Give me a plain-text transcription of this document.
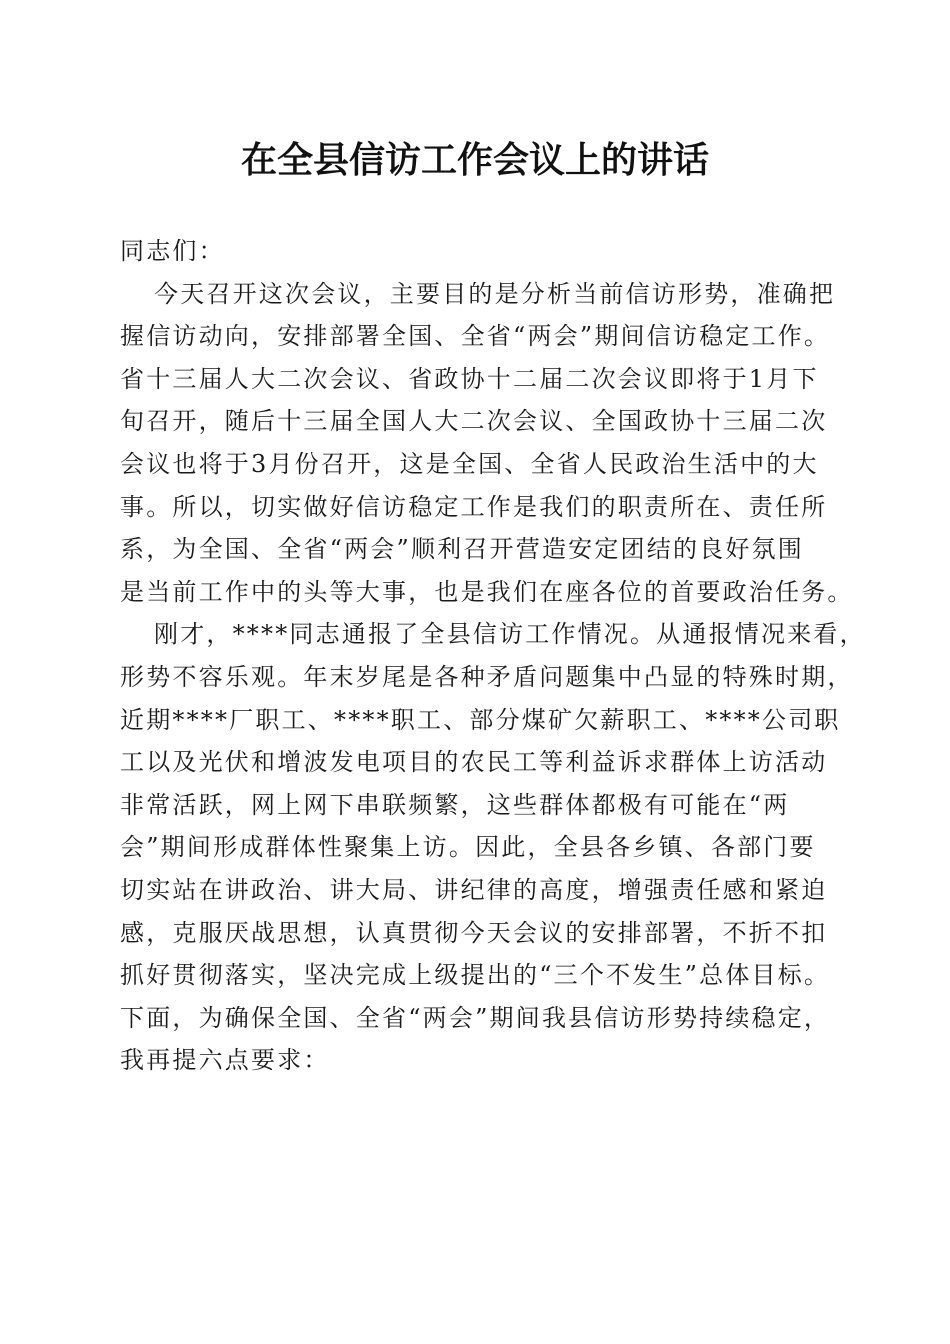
在全县信访工作会议上的讲话
同志们：
今天召开这次会议，主要目的是分析当前信访形势，准确把
握信访动向，安排部署全国、全省“两会”期间信访稳定工作。
省十三届人大二次会议、省政协十二届二次会议即将于1月下
旬召开，随后十三届全国人大二次会议、全国政协十三届二次
会议也将于3月份召开，这是全国、全省人民政治生活中的大
事。所以，切实做好信访稳定工作是我们的职责所在、责任所
系，为全国、全省“两会”顺利召开营造安定团结的良好氛围
是当前工作中的头等大事，也是我们在座各位的首要政治任务。
刚才，****同志通报了全县信访工作情况。从通报情况来看，
形势不容乐观。年末岁尾是各种矛盾问题集中凸显的特殊时期，
近期****厂职工、****职工、部分煤矿欠薪职工、****公司职
工以及光伏和增波发电项目的农民工等利益诉求群体上访活动
非常活跃，网上网下串联频繁，这些群体都极有可能在“两
会”期间形成群体性聚集上访。因此，全县各乡镇、各部门要
切实站在讲政治、讲大局、讲纪律的高度，增强责任感和紧迫
感，克服厌战思想，认真贯彻今天会议的安排部署，不折不扣
抓好贯彻落实，坚决完成上级提出的“三个不发生”总体目标。
下面，为确保全国、全省“两会”期间我县信访形势持续稳定，
我再提六点要求：
